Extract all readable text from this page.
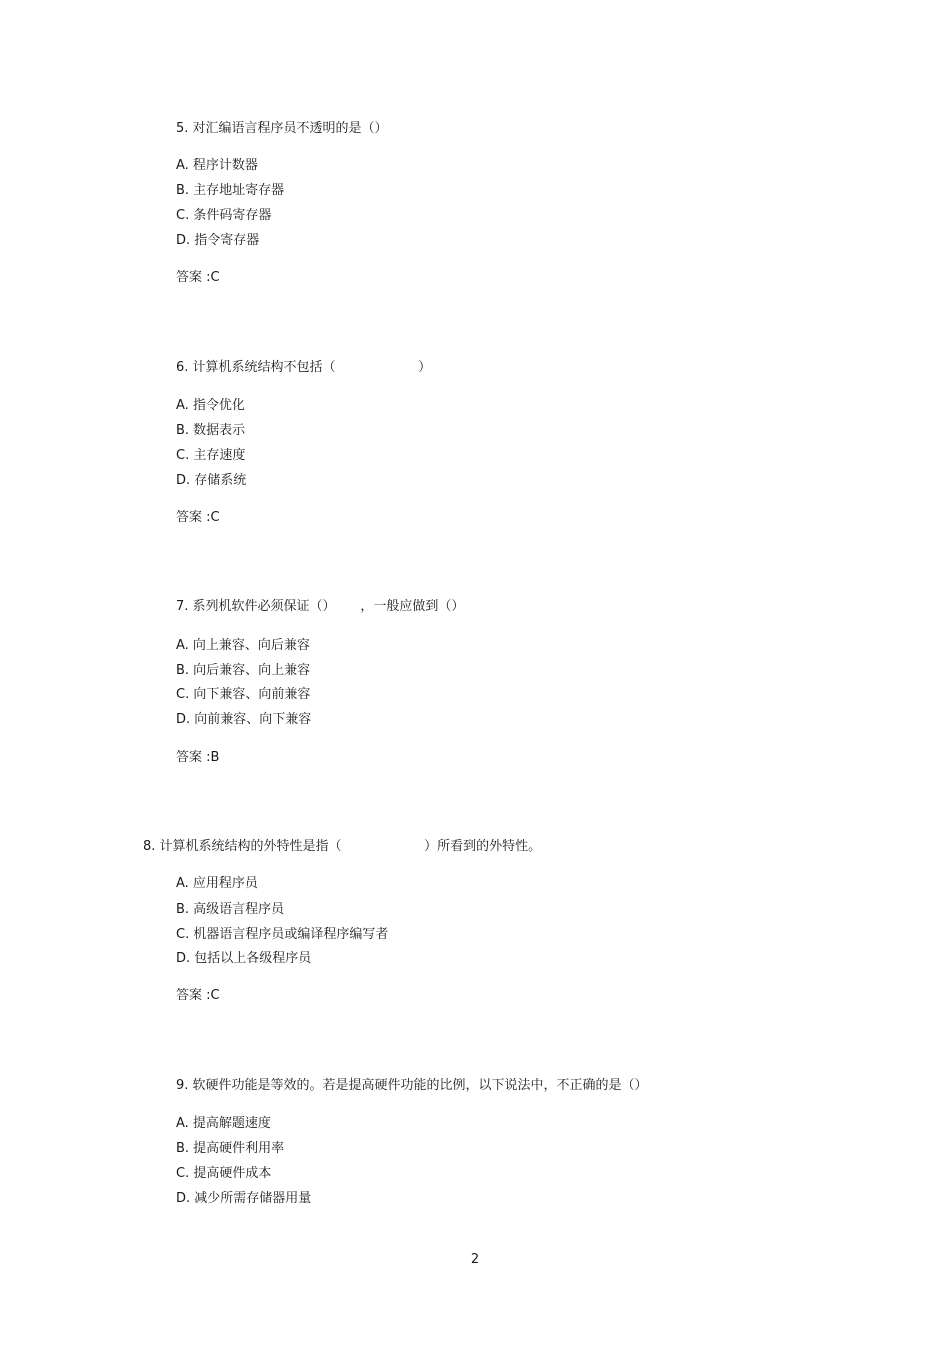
5. 对汇编语言程序员不透明的是（）
A. 程序计数器
B. 主存地址寄存器
C. 条件码寄存器
D. 指令寄存器
答案 :C
6. 计算机系统结构不包括（                    ）
A. 指令优化
B. 数据表示
C. 主存速度
D. 存储系统
答案 :C
7. 系列机软件必须保证（）      ，一般应做到（）
A. 向上兼容、向后兼容
B. 向后兼容、向上兼容
C. 向下兼容、向前兼容
D. 向前兼容、向下兼容
答案 :B
8. 计算机系统结构的外特性是指（                    ）所看到的外特性。
A. 应用程序员
B. 高级语言程序员
C. 机器语言程序员或编译程序编写者
D. 包括以上各级程序员
答案 :C
9. 软硬件功能是等效的。若是提高硬件功能的比例，以下说法中，不正确的是（）
A. 提高解题速度
B. 提高硬件利用率
C. 提高硬件成本
D. 减少所需存储器用量
2
